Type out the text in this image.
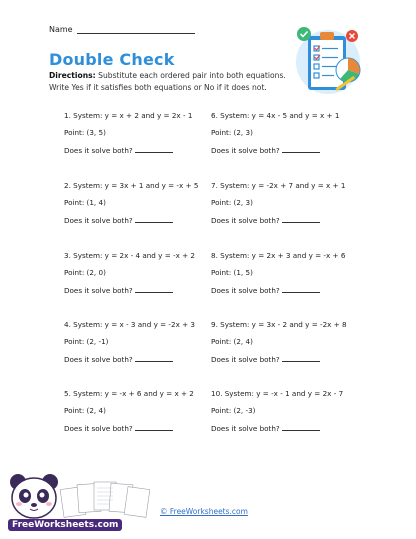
Name
Double Check
Directions: Substitute each ordered pair into both equations. Write Yes if it satisfies both equations or No if it does not.
1. System: y = x + 2 and y = 2x - 1
Point: (3, 5)
Does it solve both?
2. System: y = 3x + 1 and y = -x + 5
Point: (1, 4)
Does it solve both?
3. System: y = 2x - 4 and y = -x + 2
Point: (2, 0)
Does it solve both?
4. System: y = x - 3 and y = -2x + 3
Point: (2, -1)
Does it solve both?
5. System: y = -x + 6 and y = x + 2
Point: (2, 4)
Does it solve both?
6. System: y = 4x - 5 and y = x + 1
Point: (2, 3)
Does it solve both?
7. System: y = -2x + 7 and y = x + 1
Point: (2, 3)
Does it solve both?
8. System: y = 2x + 3 and y = -x + 6
Point: (1, 5)
Does it solve both?
9. System: y = 3x - 2 and y = -2x + 8
Point: (2, 4)
Does it solve both?
10. System: y = -x - 1 and y = 2x - 7
Point: (2, -3)
Does it solve both?
FreeWorksheets.com
© FreeWorksheets.com
